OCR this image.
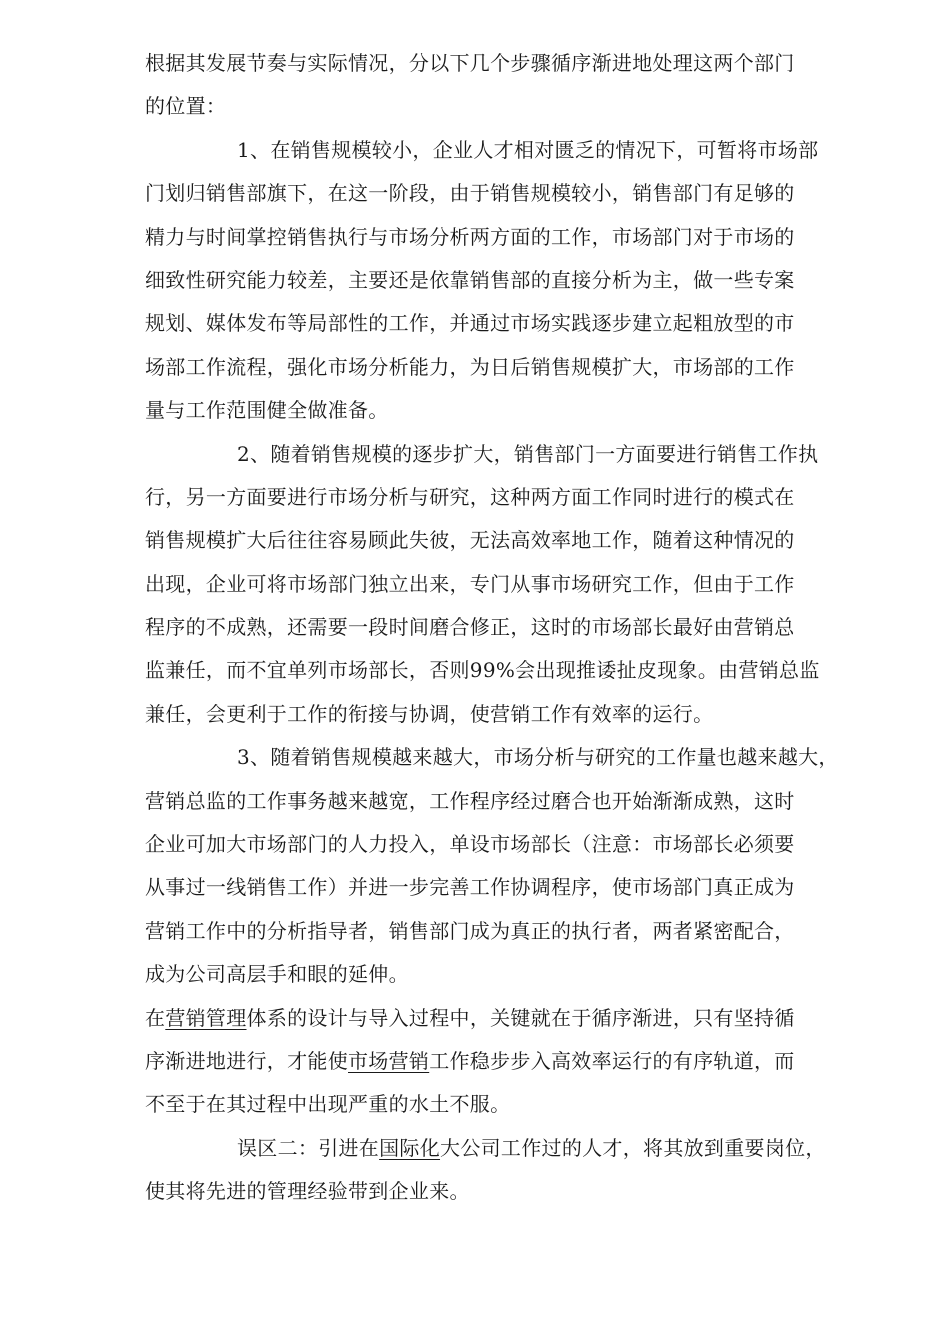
根据其发展节奏与实际情况，分以下几个步骤循序渐进地处理这两个部门
的位置：
1、在销售规模较小，企业人才相对匮乏的情况下，可暂将市场部
门划归销售部旗下，在这一阶段，由于销售规模较小，销售部门有足够的
精力与时间掌控销售执行与市场分析两方面的工作，市场部门对于市场的
细致性研究能力较差，主要还是依靠销售部的直接分析为主，做一些专案
规划、媒体发布等局部性的工作，并通过市场实践逐步建立起粗放型的市
场部工作流程，强化市场分析能力，为日后销售规模扩大，市场部的工作
量与工作范围健全做准备。
2、随着销售规模的逐步扩大，销售部门一方面要进行销售工作执
行，另一方面要进行市场分析与研究，这种两方面工作同时进行的模式在
销售规模扩大后往往容易顾此失彼，无法高效率地工作，随着这种情况的
出现，企业可将市场部门独立出来，专门从事市场研究工作，但由于工作
程序的不成熟，还需要一段时间磨合修正，这时的市场部长最好由营销总
监兼任，而不宜单列市场部长，否则99%会出现推诿扯皮现象。由营销总监
兼任，会更利于工作的衔接与协调，使营销工作有效率的运行。
3、随着销售规模越来越大，市场分析与研究的工作量也越来越大，
营销总监的工作事务越来越宽，工作程序经过磨合也开始渐渐成熟，这时
企业可加大市场部门的人力投入，单设市场部长（注意：市场部长必须要
从事过一线销售工作）并进一步完善工作协调程序，使市场部门真正成为
营销工作中的分析指导者，销售部门成为真正的执行者，两者紧密配合，
成为公司高层手和眼的延伸。
在营销管理体系的设计与导入过程中，关键就在于循序渐进，只有坚持循
序渐进地进行，才能使市场营销工作稳步步入高效率运行的有序轨道，而
不至于在其过程中出现严重的水土不服。
误区二：引进在国际化大公司工作过的人才，将其放到重要岗位，
使其将先进的管理经验带到企业来。
